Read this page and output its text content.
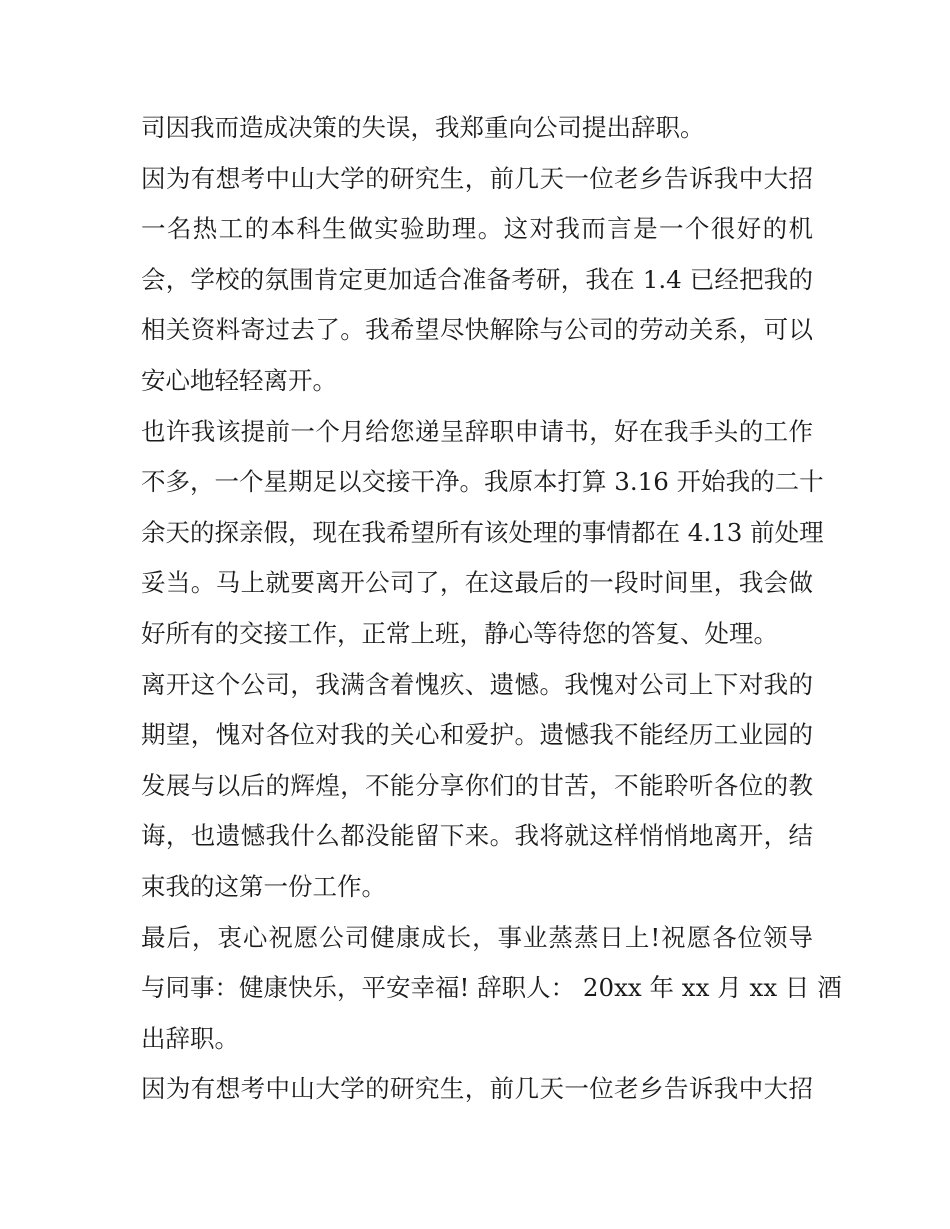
司因我而造成决策的失误，我郑重向公司提出辞职。
因为有想考中山大学的研究生，前几天一位老乡告诉我中大招
一名热工的本科生做实验助理。这对我而言是一个很好的机
会，学校的氛围肯定更加适合准备考研，我在 1.4 已经把我的
相关资料寄过去了。我希望尽快解除与公司的劳动关系，可以
安心地轻轻离开。
也许我该提前一个月给您递呈辞职申请书，好在我手头的工作
不多，一个星期足以交接干净。我原本打算 3.16 开始我的二十
余天的探亲假，现在我希望所有该处理的事情都在 4.13 前处理
妥当。马上就要离开公司了，在这最后的一段时间里，我会做
好所有的交接工作，正常上班，静心等待您的答复、处理。
离开这个公司，我满含着愧疚、遗憾。我愧对公司上下对我的
期望，愧对各位对我的关心和爱护。遗憾我不能经历工业园的
发展与以后的辉煌，不能分享你们的甘苦，不能聆听各位的教
诲，也遗憾我什么都没能留下来。我将就这样悄悄地离开，结
束我的这第一份工作。
最后，衷心祝愿公司健康成长，事业蒸蒸日上!祝愿各位领导
与同事：健康快乐，平安幸福! 辞职人： 20xx 年 xx 月 xx 日 酒
出辞职。
因为有想考中山大学的研究生，前几天一位老乡告诉我中大招
